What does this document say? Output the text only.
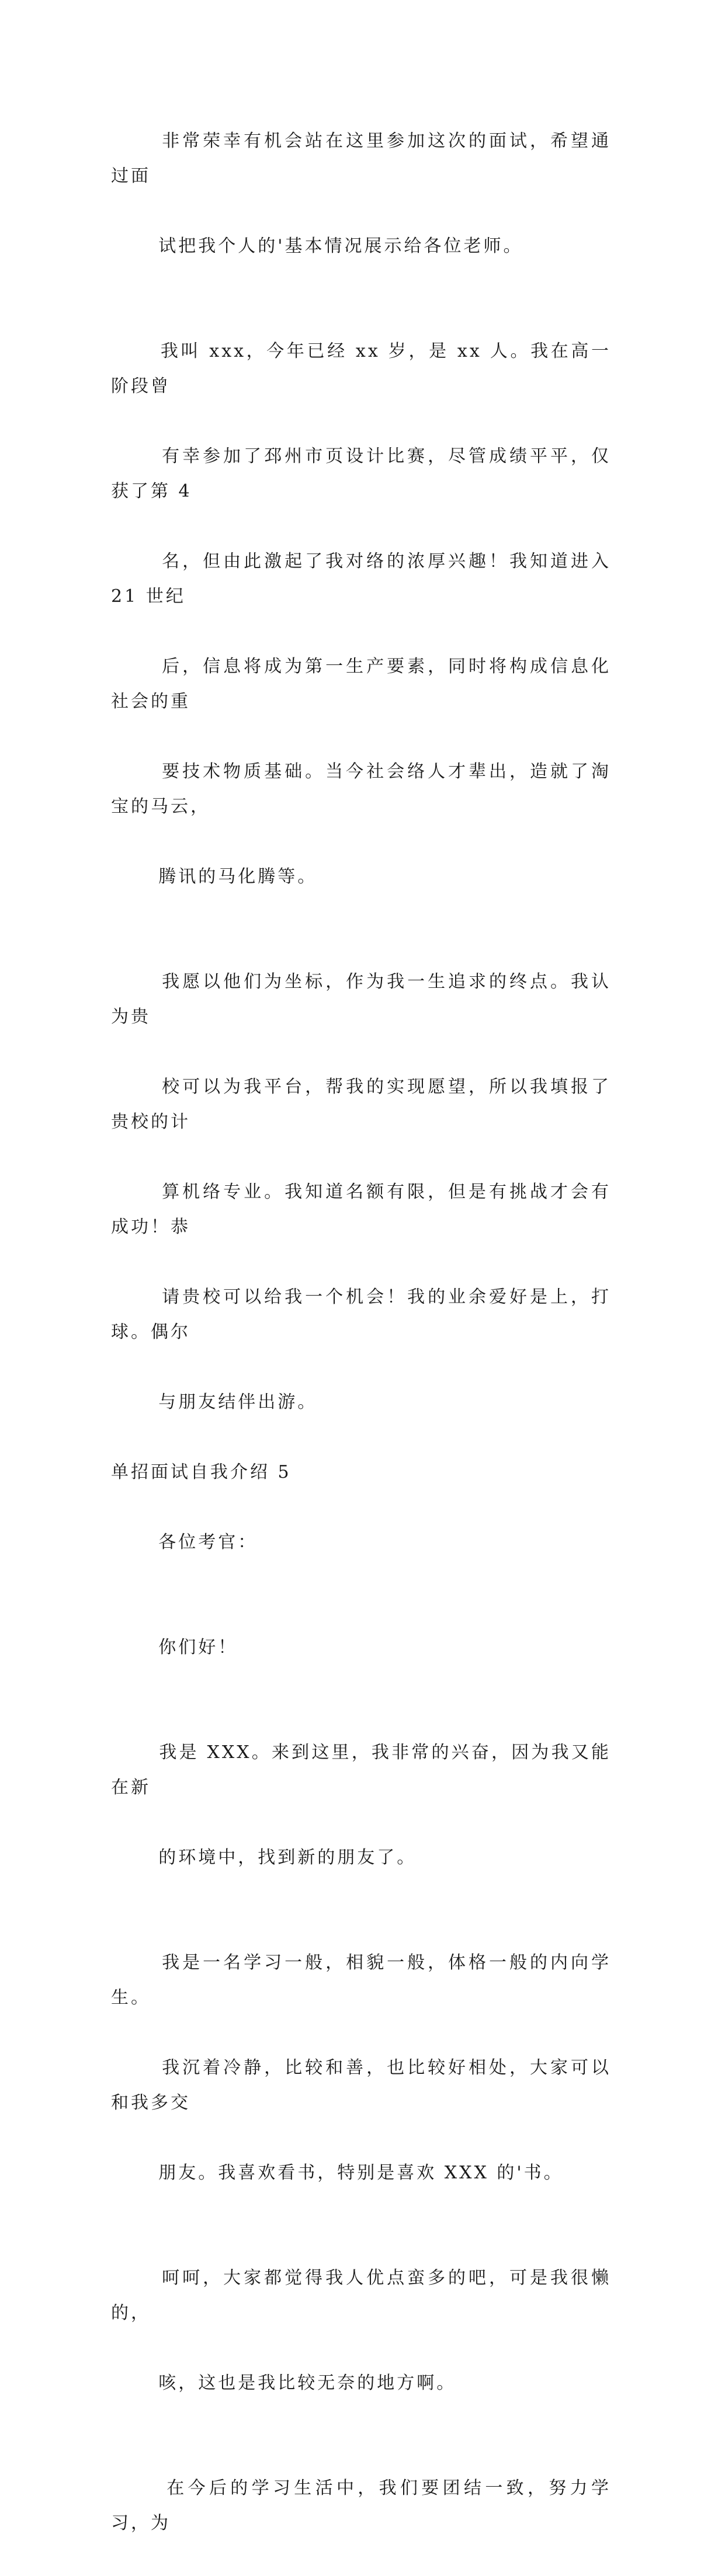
非常荣幸有机会站在这里参加这次的面试，希望通过面

试把我个人的'基本情况展示给各位老师。

我叫 xxx，今年已经 xx 岁，是 xx 人。我在高一阶段曾

有幸参加了邳州市页设计比赛，尽管成绩平平，仅获了第 4

名，但由此激起了我对络的浓厚兴趣！我知道进入 21 世纪

后，信息将成为第一生产要素，同时将构成信息化社会的重

要技术物质基础。当今社会络人才辈出，造就了淘宝的马云，

腾讯的马化腾等。

我愿以他们为坐标，作为我一生追求的终点。我认为贵

校可以为我平台，帮我的实现愿望，所以我填报了贵校的计

算机络专业。我知道名额有限，但是有挑战才会有成功！恭

请贵校可以给我一个机会！我的业余爱好是上，打球。偶尔

与朋友结伴出游。

单招面试自我介绍 5

各位考官：

你们好！

我是 XXX。来到这里，我非常的兴奋，因为我又能在新

的环境中，找到新的朋友了。

我是一名学习一般，相貌一般，体格一般的内向学生。

我沉着冷静，比较和善，也比较好相处，大家可以和我多交

朋友。我喜欢看书，特别是喜欢 XXX 的'书。

呵呵，大家都觉得我人优点蛮多的吧，可是我很懒的，

咳，这也是我比较无奈的地方啊。

在今后的学习生活中，我们要团结一致，努力学习，为
